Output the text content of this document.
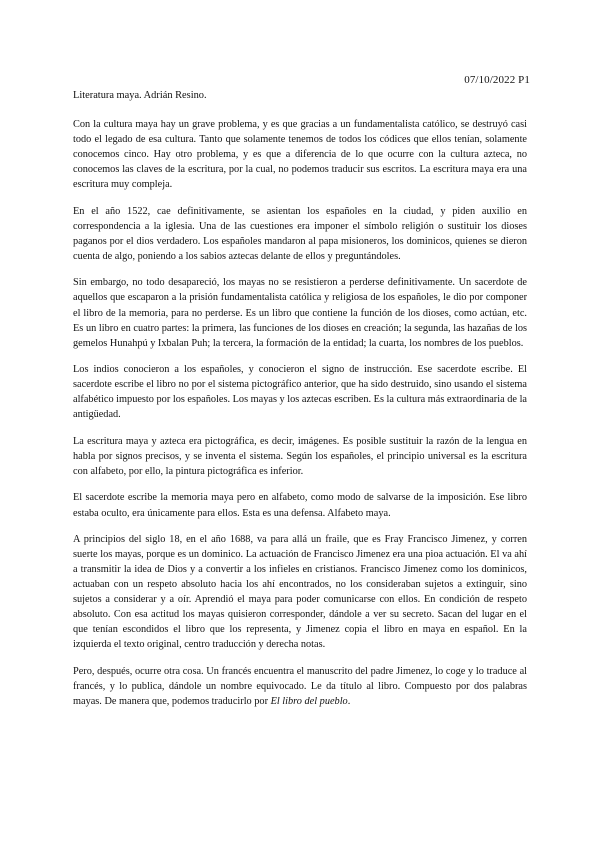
07/10/2022 P1
Literatura maya. Adrián Resino.

Con la cultura maya hay un grave problema, y es que gracias a un fundamentalista católico, se destruyó casi todo el legado de esa cultura. Tanto que solamente tenemos de todos los códices que ellos tenían, solamente conocemos cinco. Hay otro problema, y es que a diferencia de lo que ocurre con la cultura azteca, no conocemos las claves de la escritura, por la cual, no podemos traducir sus escritos. La escritura maya era una escritura muy compleja.

En el año 1522, cae definitivamente, se asientan los españoles en la ciudad, y piden auxilio en correspondencia a la iglesia. Una de las cuestiones era imponer el símbolo religión o sustituir los dioses paganos por el dios verdadero. Los españoles mandaron al papa misioneros, los dominicos, quienes se dieron cuenta de algo, poniendo a los sabios aztecas delante de ellos y preguntándoles.

Sin embargo, no todo desapareció, los mayas no se resistieron a perderse definitivamente. Un sacerdote de aquellos que escaparon a la prisión fundamentalista católica y religiosa de los españoles, le dio por componer el libro de la memoria, para no perderse. Es un libro que contiene la función de los dioses, como actúan, etc. Es un libro en cuatro partes: la primera, las funciones de los dioses en creación; la segunda, las hazañas de los gemelos Hunahpú y Ixbalan Puh; la tercera, la formación de la entidad; la cuarta, los nombres de los pueblos.

Los indios conocieron a los españoles, y conocieron el signo de instrucción. Ese sacerdote escribe. El sacerdote escribe el libro no por el sistema pictográfico anterior, que ha sido destruido, sino usando el sistema alfabético impuesto por los españoles. Los mayas y los aztecas escriben. Es la cultura más extraordinaria de la antigüedad.

La escritura maya y azteca era pictográfica, es decir, imágenes. Es posible sustituir la razón de la lengua en habla por signos precisos, y se inventa el sistema. Según los españoles, el principio universal es la escritura con alfabeto, por ello, la pintura pictográfica es inferior.

El sacerdote escribe la memoria maya pero en alfabeto, como modo de salvarse de la imposición. Ese libro estaba oculto, era únicamente para ellos. Esta es una defensa. Alfabeto maya.

A principios del siglo 18, en el año 1688, va para allá un fraile, que es Fray Francisco Jimenez, y corren suerte los mayas, porque es un dominico. La actuación de Francisco Jimenez era una pioa actuación. El va ahí a transmitir la idea de Dios y a convertir a los infieles en cristianos. Francisco Jimenez como los dominicos, actuaban con un respeto absoluto hacia los ahí encontrados, no los consideraban sujetos a extinguir, sino sujetos a considerar y a oír. Aprendió el maya para poder comunicarse con ellos. En condición de respeto absoluto. Con esa actitud los mayas quisieron corresponder, dándole a ver su secreto. Sacan del lugar en el que tenían escondidos el libro que los representa, y Jimenez copia el libro en maya en español. En la izquierda el texto original, centro traducción y derecha notas.

Pero, después, ocurre otra cosa. Un francés encuentra el manuscrito del padre Jimenez, lo coge y lo traduce al francés, y lo publica, dándole un nombre equivocado. Le da título al libro. Compuesto por dos palabras mayas. De manera que, podemos traducirlo por El libro del pueblo.
